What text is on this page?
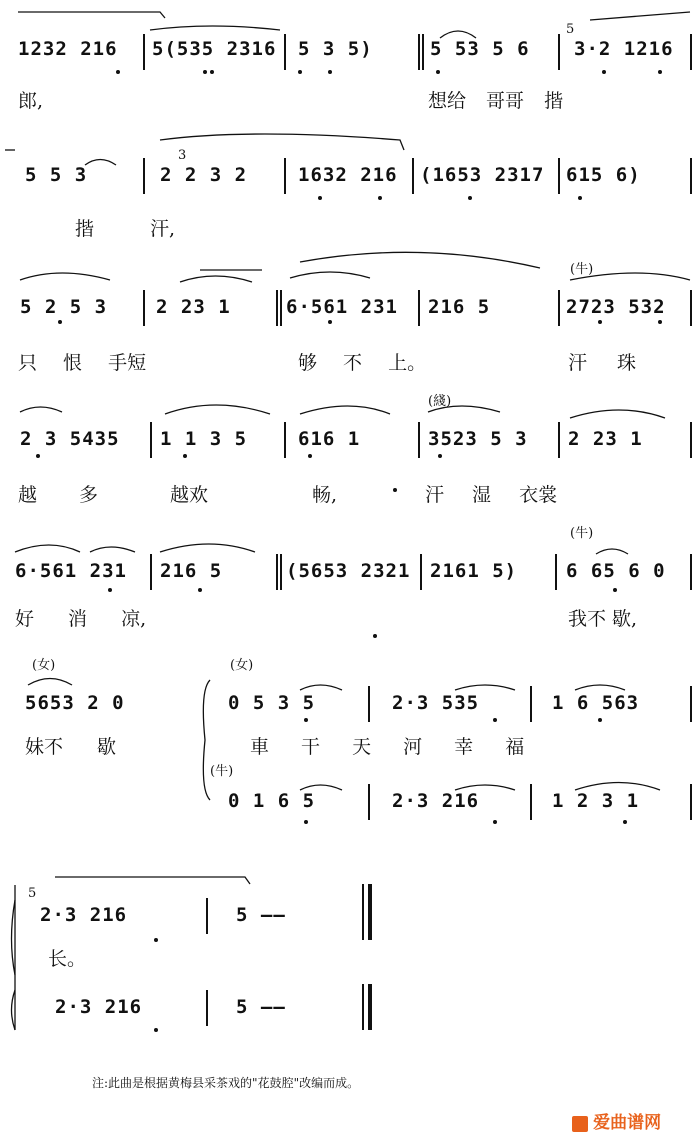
1232 216 5(535 2316 5 3 5)	5 53 5 6
5
3·2 1216
郎,	想给 哥哥 揩
5 5 3
3
2 2 3 2	1632 216 (1653 2317 615 6)
揩 汗,
(牛)
5 2 5 3	2 23 1	6·561 231 216 5	2723 532
只 恨 手短	够 不 上。	汗 珠
(綫)
2 3 5435 1 1 3 5	616 1	3523 5 3 2 23 1
越 多	越欢	畅,	汗 湿 衣裳
(牛)
6·561 231 216 5	(5653 2321 2161 5)	6 65 6 0
好 消 凉,	我不 歇,
(女)	(女)
5653 2 0	0 5 3 5	2·3 535	1 6 563
妹不 歇	車 干 天 河 幸 福
(牛)
0 1 6 5	2·3 216	1 2 3 1
5
2·3 216	5 ——
长。
2·3 216	5 ——
注:此曲是根据黄梅县采茶戏的"花鼓腔"改编而成。
爱曲谱网
